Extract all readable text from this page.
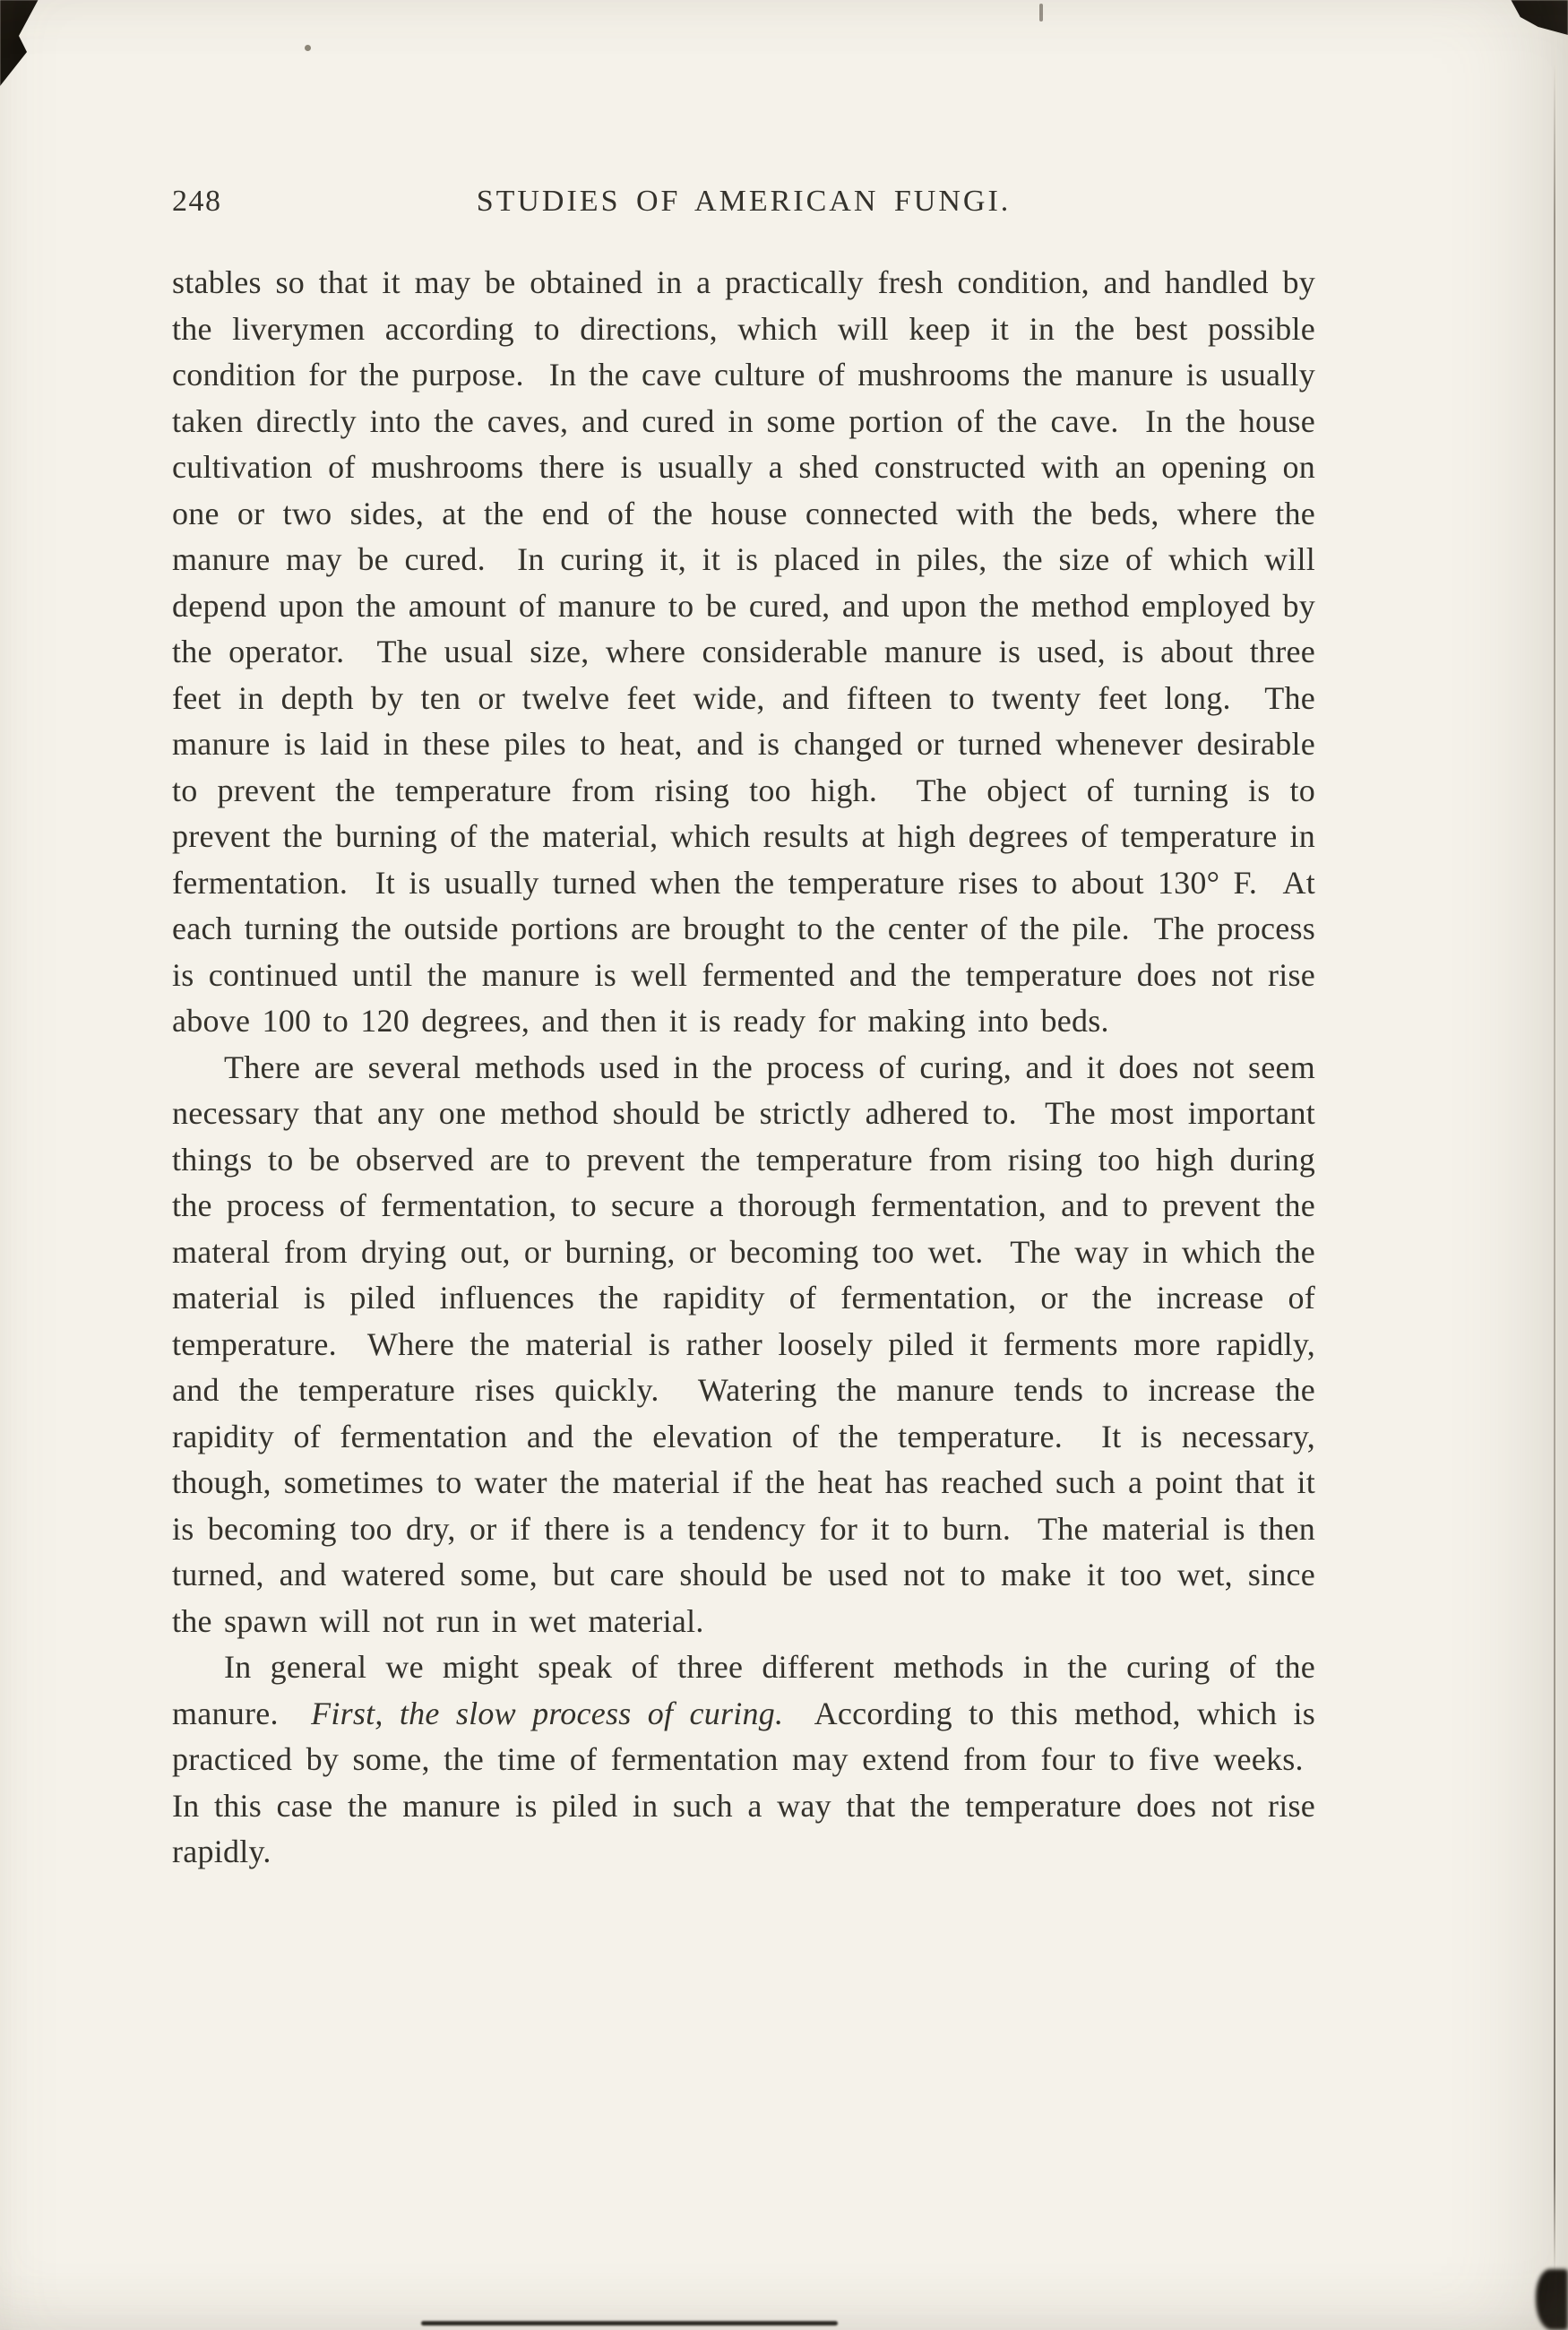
248	STUDIES OF AMERICAN FUNGI.

stables so that it may be obtained in a practically fresh condition, and handled by the liverymen according to directions, which will keep it in the best possible condition for the purpose.  In the cave culture of mushrooms the manure is usually taken directly into the caves, and cured in some portion of the cave.  In the house cultivation of mushrooms there is usually a shed constructed with an opening on one or two sides, at the end of the house connected with the beds, where the manure may be cured.  In curing it, it is placed in piles, the size of which will depend upon the amount of manure to be cured, and upon the method employed by the operator.  The usual size, where considerable manure is used, is about three feet in depth by ten or twelve feet wide, and fifteen to twenty feet long.  The manure is laid in these piles to heat, and is changed or turned whenever desirable to prevent the temperature from rising too high.  The object of turning is to prevent the burning of the material, which results at high degrees of temperature in fermentation.  It is usually turned when the temperature rises to about 130° F.  At each turning the outside portions are brought to the center of the pile.  The process is continued until the manure is well fermented and the temperature does not rise above 100 to 120 degrees, and then it is ready for making into beds.

There are several methods used in the process of curing, and it does not seem necessary that any one method should be strictly adhered to.  The most important things to be observed are to prevent the temperature from rising too high during the process of fermentation, to secure a thorough fermentation, and to prevent the materal from drying out, or burning, or becoming too wet.  The way in which the material is piled influences the rapidity of fermentation, or the increase of temperature.  Where the material is rather loosely piled it ferments more rapidly, and the temperature rises quickly.  Watering the manure tends to increase the rapidity of fermentation and the elevation of the temperature.  It is necessary, though, sometimes to water the material if the heat has reached such a point that it is becoming too dry, or if there is a tendency for it to burn.  The material is then turned, and watered some, but care should be used not to make it too wet, since the spawn will not run in wet material.

In general we might speak of three different methods in the curing of the manure.  First, the slow process of curing.  According to this method, which is practiced by some, the time of fermentation may extend from four to five weeks.  In this case the manure is piled in such a way that the temperature does not rise rapidly.
